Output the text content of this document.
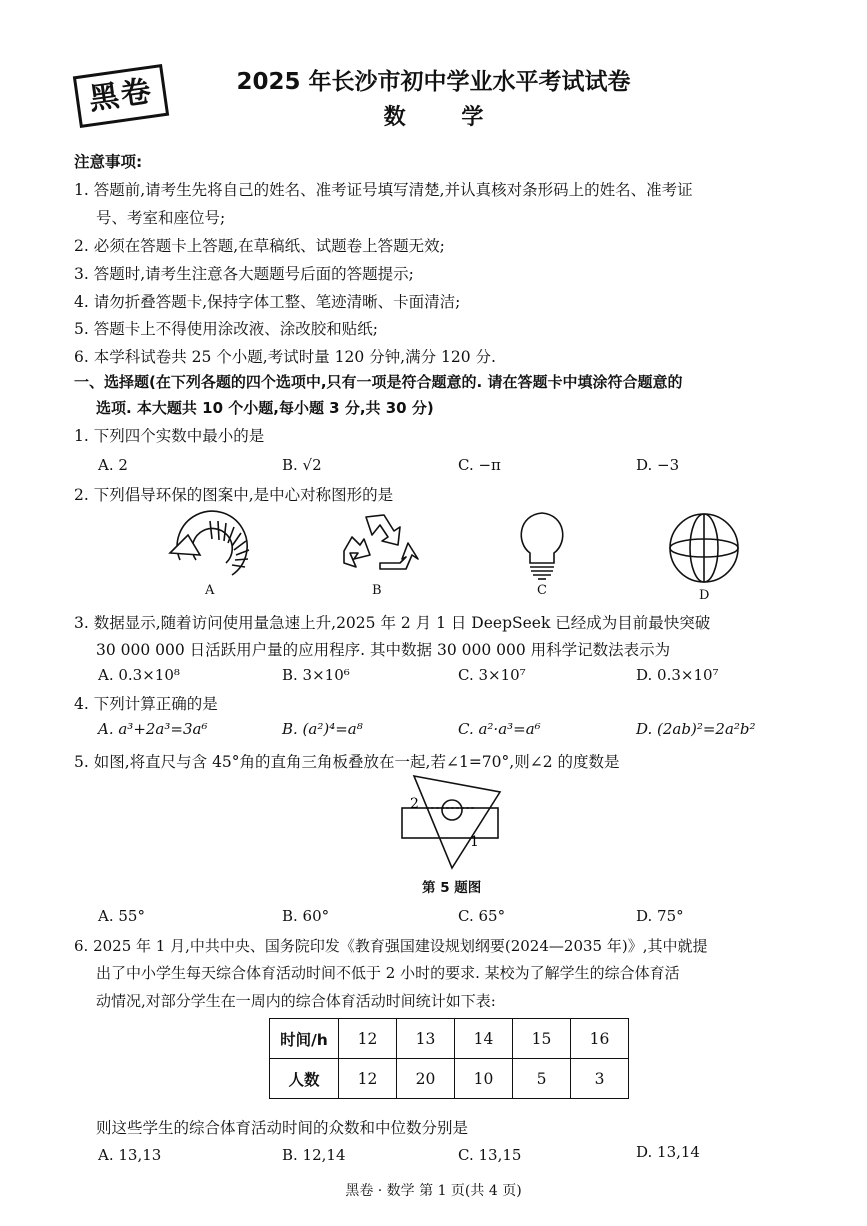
黑卷	2025 年长沙市初中学业水平考试试卷
数 学
注意事项:
1. 答题前,请考生先将自己的姓名、准考证号填写清楚,并认真核对条形码上的姓名、准考证
号、考室和座位号;
2. 必须在答题卡上答题,在草稿纸、试题卷上答题无效;
3. 答题时,请考生注意各大题题号后面的答题提示;
4. 请勿折叠答题卡,保持字体工整、笔迹清晰、卡面清洁;
5. 答题卡上不得使用涂改液、涂改胶和贴纸;
6. 本学科试卷共 25 个小题,考试时量 120 分钟,满分 120 分.
一、选择题(在下列各题的四个选项中,只有一项是符合题意的. 请在答题卡中填涂符合题意的
选项. 本大题共 10 个小题,每小题 3 分,共 30 分)
1. 下列四个实数中最小的是
A. 2	B. √2	C. −π	D. −3
2. 下列倡导环保的图案中,是中心对称图形的是
A	B	C	D
3. 数据显示,随着访问使用量急速上升,2025 年 2 月 1 日 DeepSeek 已经成为目前最快突破
30 000 000 日活跃用户量的应用程序. 其中数据 30 000 000 用科学记数法表示为
A. 0.3×10⁸	B. 3×10⁶	C. 3×10⁷	D. 0.3×10⁷
4. 下列计算正确的是
A. a³+2a³=3a⁶	B. (a²)⁴=a⁸	C. a²·a³=a⁶	D. (2ab)²=2a²b²
5. 如图,将直尺与含 45°角的直角三角板叠放在一起,若∠1=70°,则∠2 的度数是
2
1
第 5 题图
A. 55°	B. 60°	C. 65°	D. 75°
6. 2025 年 1 月,中共中央、国务院印发《教育强国建设规划纲要(2024—2035 年)》,其中就提
出了中小学生每天综合体育活动时间不低于 2 小时的要求. 某校为了解学生的综合体育活
动情况,对部分学生在一周内的综合体育活动时间统计如下表:
时间/h	12	13	14	15	16
人数	12	20	10	5	3
则这些学生的综合体育活动时间的众数和中位数分别是
A. 13,13	B. 12,14	C. 13,15	D. 13,14
黑卷 · 数学 第 1 页(共 4 页)
